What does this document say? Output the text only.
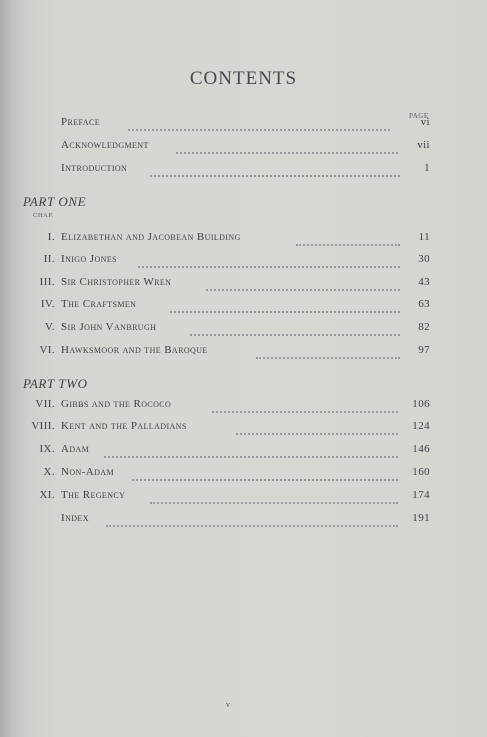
CONTENTS
PAGE
Preface	vi
Acknowledgment	vii
Introduction	1
PART ONE
CHAP.
I. Elizabethan and Jacobean Building	11
II. Inigo Jones	30
III. Sir Christopher Wren	43
IV. The Craftsmen	63
V. Sir John Vanbrugh	82
VI. Hawksmoor and the Baroque	97
PART TWO
VII. Gibbs and the Rococo	106
VIII. Kent and the Palladians	124
IX. Adam	146
X. Non-Adam	160
XI. The Regency	174
Index	191
v
